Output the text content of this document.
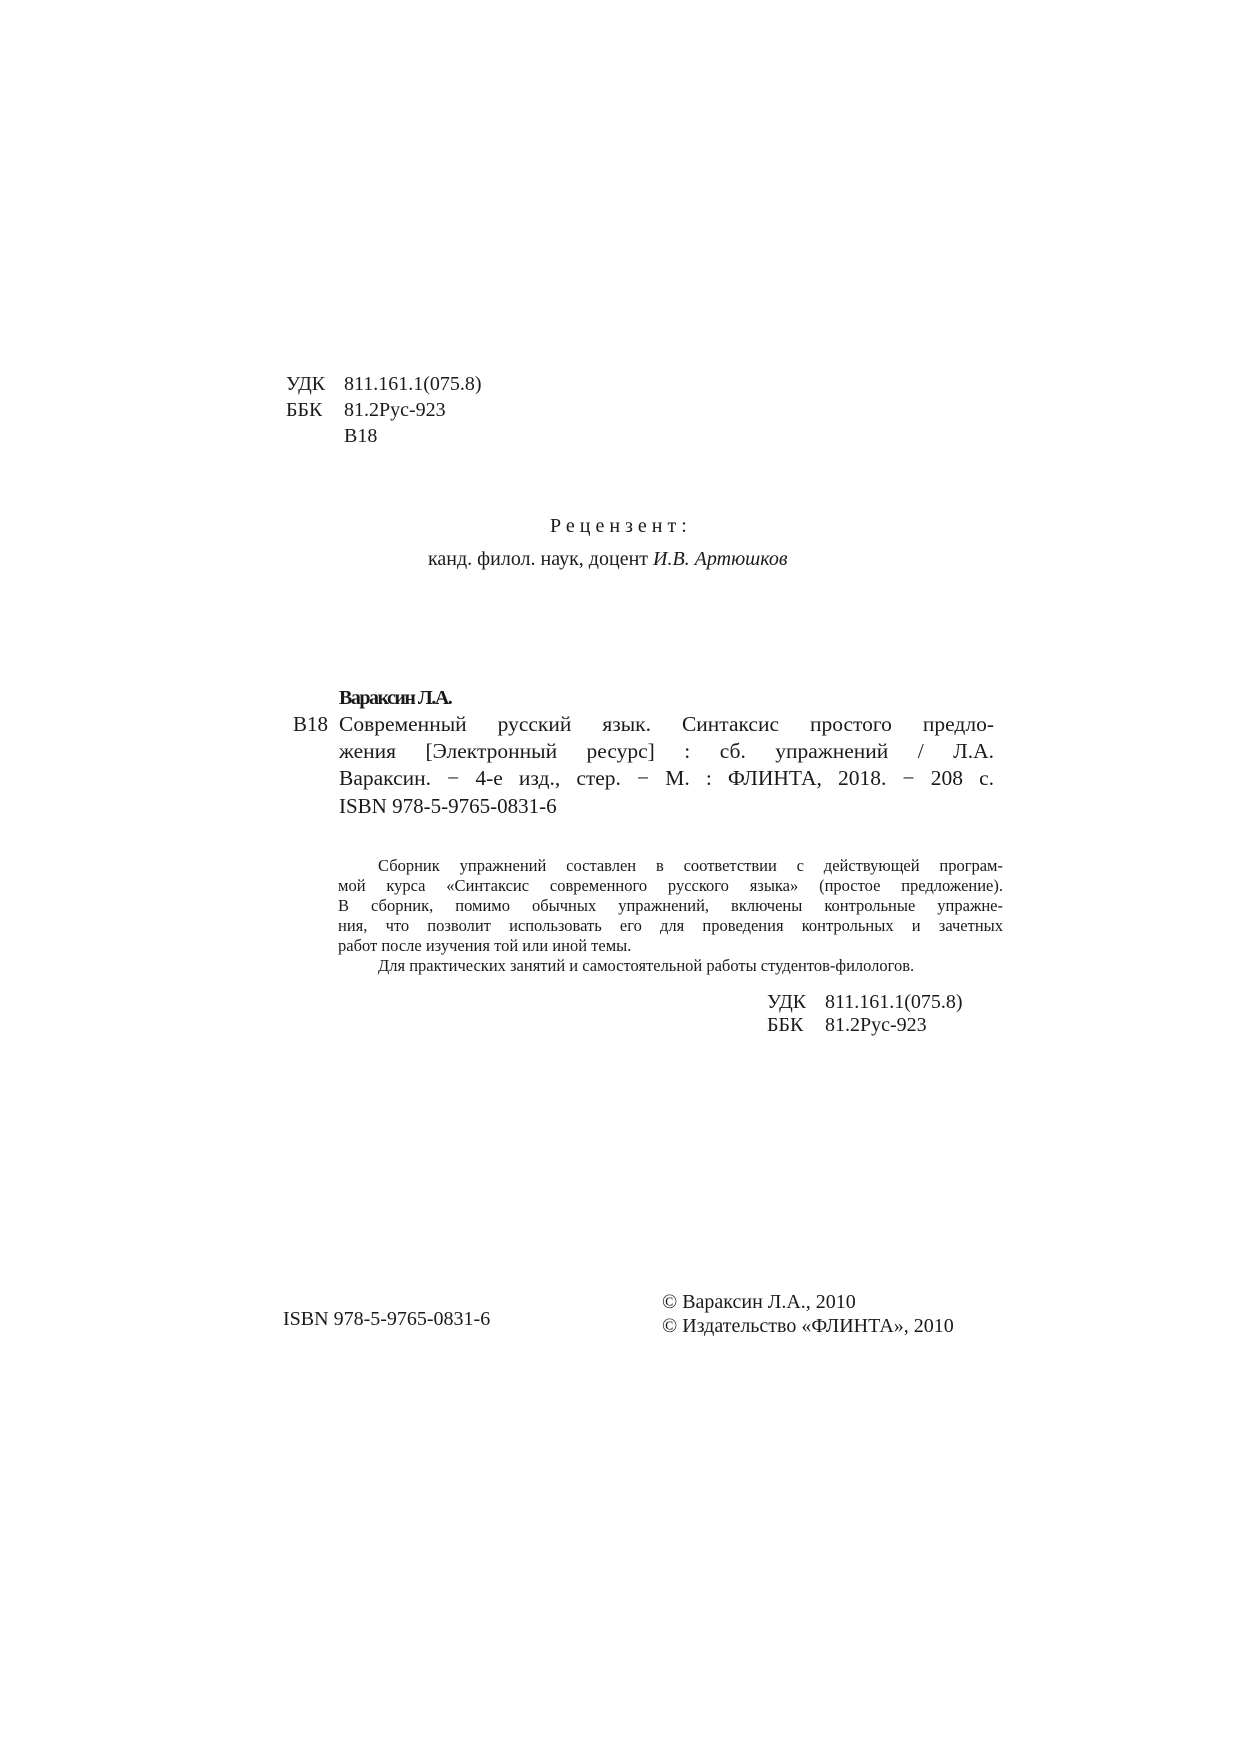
УДК 811.161.1(075.8)
ББК 81.2Рус-923
В18
Рецензент:
канд. филол. наук, доцент И.В. Артюшков
Вараксин Л.А.
В18 Современный русский язык. Синтаксис простого предло-
жения [Электронный ресурс] : сб. упражнений / Л.А.
Вараксин. − 4-е изд., стер. − М. : ФЛИНТА, 2018. − 208 с.
ISBN 978-5-9765-0831-6
Сборник упражнений составлен в соответствии с действующей програм-
мой курса «Синтаксис современного русского языка» (простое предложение).
В сборник, помимо обычных упражнений, включены контрольные упражне-
ния, что позволит использовать его для проведения контрольных и зачетных
работ после изучения той или иной темы.
Для практических занятий и самостоятельной работы студентов-филологов.
УДК 811.161.1(075.8)
ББК 81.2Рус-923
ISBN 978-5-9765-0831-6
© Вараксин Л.А., 2010
© Издательство «ФЛИНТА», 2010
